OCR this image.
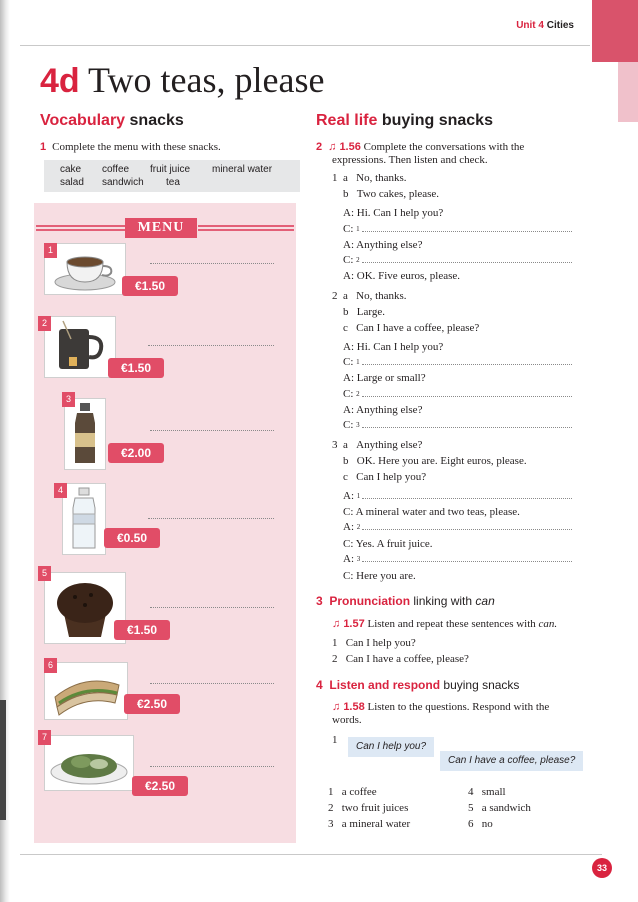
Unit 4 Cities
4d Two teas, please
Vocabulary snacks
1 Complete the menu with these snacks.
cake coffee fruit juice mineral water
salad sandwich tea
MENU
1
€1.50
2
€1.50
3
€2.00
4
€0.50
5
€1.50
6
€2.50
7
€2.50
Real life buying snacks
2 ♫ 1.56 Complete the conversations with the
expressions. Then listen and check.
1 a No, thanks.
b Two cakes, please.
A: Hi. Can I help you?
C: $^1$
A: Anything else?
C: $^2$
A: OK. Five euros, please.
2 a No, thanks.
b Large.
c Can I have a coffee, please?
A: Hi. Can I help you?
C: $^1$
A: Large or small?
C: $^2$
A: Anything else?
C: $^3$
3 a Anything else?
b OK. Here you are. Eight euros, please.
c Can I help you?
A: $^1$
C: A mineral water and two teas, please.
A: $^2$
C: Yes. A fruit juice.
A: $^3$
C: Here you are.
3 Pronunciation linking with can
♫ 1.57 Listen and repeat these sentences with can.
1 Can I help you?
2 Can I have a coffee, please?
4 Listen and respond buying snacks
♫ 1.58 Listen to the questions. Respond with the
words.
1
Can I help you?
Can I have a coffee, please?
1 a coffee
2 two fruit juices
3 a mineral water
4 small
5 a sandwich
6 no
33
